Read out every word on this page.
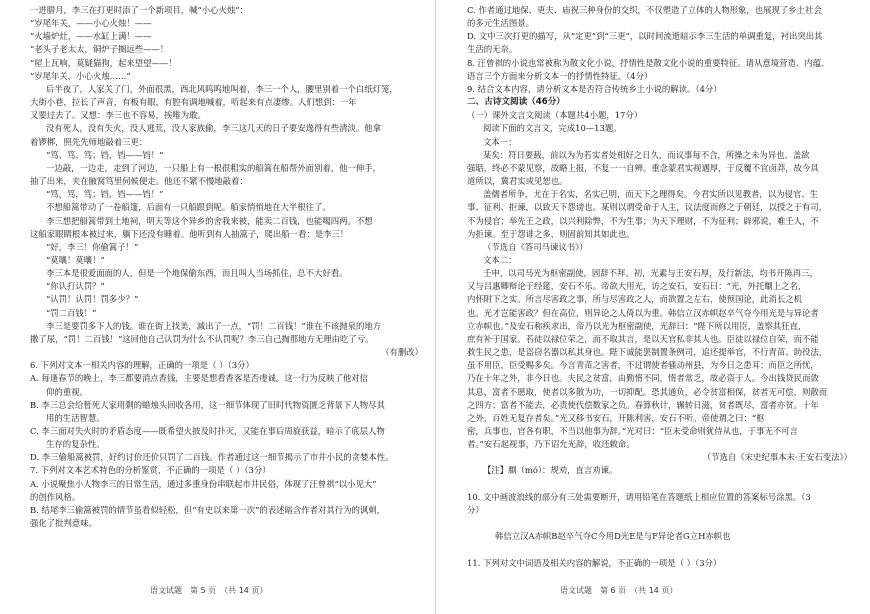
一进腊月，李三在打更时添了一个新项目，喊“小心火烛”：
“岁尾年关，——小心火烛！——
“火墙炉灶，——水缸上满！——
“老头子老太太，铜炉子搁远些——！
“屋上瓦响，莫疑猫狗，起来望望——！
“岁尾年关，小心火烛……”
后半夜了，人家关了门，外面很黑，西北风呜呜地叫着，李三一个人，腰里别着一个白纸灯笼，
大街小巷，拉长了声音，有板有眼，有腔有调地喊着，听起来有点凄惨。人们想到：一年
又要过去了。又想：李三也不容易，挨唯为敢。
没有死人，没有失火，没人逃荒，没人家族偷，李三这几天的日子要安逸得有些清淡。他拿
着锣梆，照先先师地敲着三更：
“笃、笃、笃；铛，铛——铛！”
一边敲，一边走，走到了河边，一只船上有一根很粗实的船篙在船帮外面别着，他一伸手，
抽了出来，夹在腋窝笃里伺候便走。他还不紧不慢地敲着：
“笃，笃，笃；铛，铛——铛！”
不想船篙带动了一卷船篷，后面有一只船跟到呢。船家悄悄地在大半根往了。
李三想把船篙带到土地祠，明天等这个异乡的舍我来被，能卖二百钱，也能喝四两。不想
这船家眼睛根本被过来，躺下还没有睡着。他听到有人抽篙子，爬出船一看：是李三！
“好，李三！你偷篙子！”
“莫嚷！莫嚷！”
李三本是很爱面面的人，但是一个地保偷东西，而且叫人当场抓住，总不大好看。
“你认打认罚？”
“认罚！认罚！罚多少？”
“罚二百钱！”
李三是要罚多下人的钱。谁在街上找美，減出了一点，“罚！二百钱！”谁在不该抛泉的地方
撒了尿，“罚！二百钱！”这回他自己认罚为什么不认罚呢？李三自己掏那地方无理由吃了亏。
（有删改）
6. 下列对文本一相关内容的理解，正确的一项是（ ）（3分）
A. 每逢春节的晚上，李三都要消点香钱，主要是想看香客是否虔诚。这一行为反映了他对信
仰的重视。
B. 李三总会给暂死人家用剩的蜡烛头回收各用，这一细节体现了旧时代物资匮乏背景下人物尽其
用的生活智慧。
C. 李三面对失火时的矛盾态度——既希望火披及时扑灭，又能在事后周旋获益，暗示了底层人物
生存的复杂性。
D. 李三偷船篙被罚，好约讨价还价只罚了二百钱。作者通过这一细节揭示了市井小民的贪婪本性。
7. 下列对文本艺术特色的分析鉴赏，不正确的一项是（ ）（3分）
A. 小说聚焦小人物李三的日常生活，通过多重身份串联起市井民俗，体现了汪曾祺“以小见大”
的创作风格。
B. 结尾李三偷篙被罚的情节虽看似轻松，但“有史以来第一次”的表述暗含作者对其行为的讽刺，
强化了批判意味。
C. 作者通过地保、更夫、庙祝三种身份的交织，不仅塑造了立体的人物形象，也展现了乡土社会
的多元生活图景。
D. 文中三次打更的描写，从“定更”到“三更”，以时间流逝暗示李三生活的单调重复，衬出突出其
生活的无奈。
8. 汪曾祺的小说也常被称为散文化小说，抒情性是散文化小说的重要特征。请从意境营造、内蕴、
语言三个方面来分析文本一的抒情性特征。（4分）
9. 结合文本内容，请分析文本是否符合传统乡土小说的解读。（4分）
二、古诗文阅读（46分）
（一）课外文言文阅读（本题共4小题，17分）
阅读下面的文言文，完成10—13题。
文本一：
某矣：符日要载，前以为为若实者处相好之日久，而议事每不合，所操之未为异也。盖欲
强聒，终必不蒙见察，故略上报，不复一一自辨。重念蒙君实视遇厚，于反覆不宜卤莽，故今具
道所以，冀君实或见恕也。
盖儒者所争，尤在于名实，名实已明，而天下之理得矣。今君实所以见教者，以为侵官、生
事、征利、拒谏，以致天下怨谤也。某则以谓受命于人主，议法度而修之于朝廷，以授之于有司，
不为侵官；举先王之政，以兴利除弊，不为生事；为天下理财，不为征利；辟邪说，难壬人，不
为拒谏。至于怨诽之多，则固前知其如此也。
（节选自《答司马谏议书》）
文本二：
壬申，以司马光为枢密副使，固辞不拜。初，光素与王安石厚，及行新法，均书开陈再三，
又与吕惠卿辩论于经筵，安石不乐。帝欲大用光，访之安石，安石曰：“光，外托劘上之名，
内怀附下之实。所言尽害政之事，所与尽害政之人，而欲置之左右，使预国论，此消长之机
也。光才岂能害政？但在高位，则异论之人倚以为重。韩信立汉赤帜赵卒气夺今用光是与异论者
立赤帜也。”及安石称疾求出，帝乃以光为枢密副使，光辞曰：“陛下所以用臣，盖察其狂直，
庶有补于国家。若徒以禄位荣之，而不取其言，是以天官私非其人也。臣徒以禄位自荣，而不能
救生民之患，是盗窃名器以私其身也。陛下诚能罢制置条例司，追还提举官，不行青苗、助役法，
虽不用臣，臣受赐多矣。今言青苗之害者，不过谓使者骚动州县，为今日之患耳；而臣之所忧，
乃在十年之外，非今日也。夫民之贫富，由勤惰不同，惰者常乏，故必资于人。今出钱贷民而敛
其息，富者不愿取，使者以多散为功，一切抑配。恐其通负，必令贫富相保，贫者无可偿，则散而
之四方；富者不能去，必责使代偿数家之负。春算秋计，辗转日滋，贫者既尽，富者亦贫。十年
之外，百姓无复存者矣。”光又移书安石，开陈利害，安石不听。帝使谓之曰：“枢
密，兵事也，官各有职，不当以他事为辞。”光对曰：“臣未受命则犹侍从也，于事无不可言
者。”安石起视事，乃下诏允光辞，收还敕命。
（节选自《宋史纪事本末·王安石变法》）
【注】劘（mó）：规劝，直言劝谏。

10. 文中画波浪线的部分有三处需要断开，请用铅笔在答题纸上相应位置的答案标号涂黑。（3
分）

韩信立汉A赤帜B赵卒气夺C今用D光E是与F异论者G立H赤帜也

11. 下列对文中词语及相关内容的解说，不正确的一项是（ ）（3分）
语文试题　第 5 页　（共 14 页）	语文试题　第 6 页　（共 14 页）
